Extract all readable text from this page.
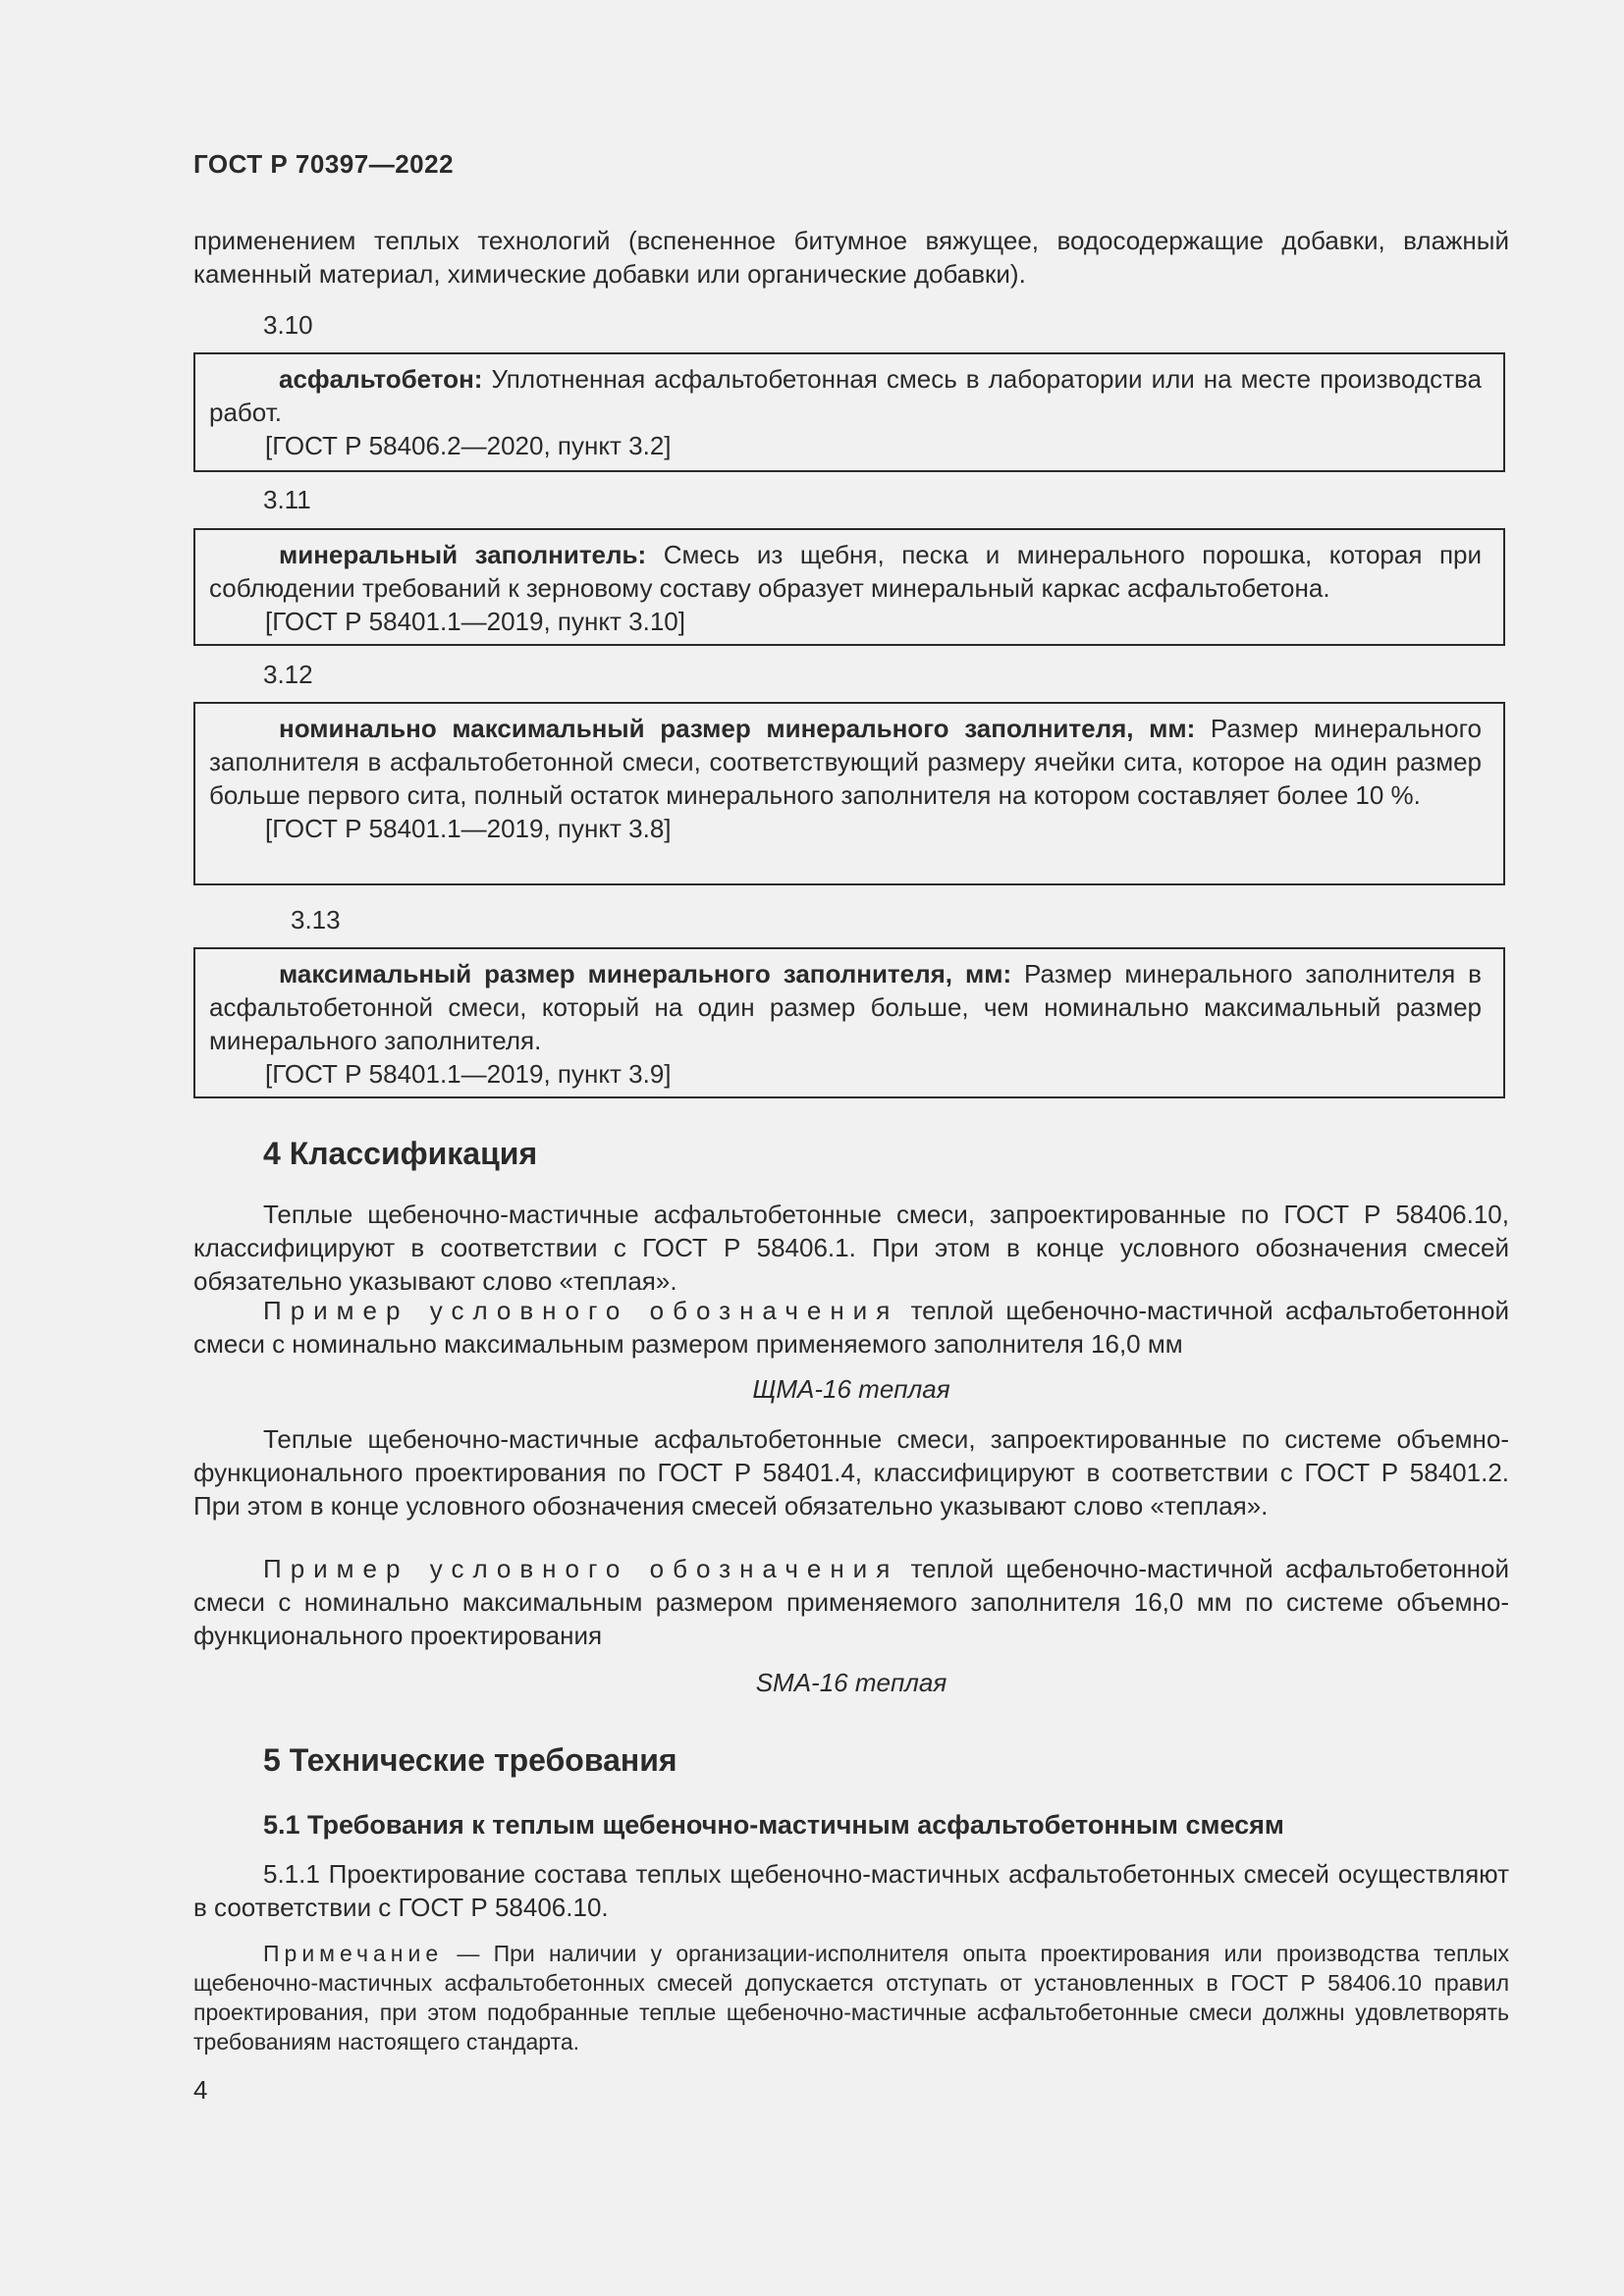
ГОСТ Р 70397—2022

применением теплых технологий (вспененное битумное вяжущее, водосодержащие добавки, влажный каменный материал, химические добавки или органические добавки).

3.10

асфальтобетон: Уплотненная асфальтобетонная смесь в лаборатории или на месте производства работ.

[ГОСТ Р 58406.2—2020, пункт 3.2]
3.11

минеральный заполнитель: Смесь из щебня, песка и минерального порошка, которая при соблюдении требований к зерновому составу образует минеральный каркас асфальтобетона.

[ГОСТ Р 58401.1—2019, пункт 3.10]
3.12

номинально максимальный размер минерального заполнителя, мм: Размер минерального заполнителя в асфальтобетонной смеси, соответствующий размеру ячейки сита, которое на один размер больше первого сита, полный остаток минерального заполнителя на котором составляет более 10 %.

[ГОСТ Р 58401.1—2019, пункт 3.8]
3.13

максимальный размер минерального заполнителя, мм: Размер минерального заполнителя в асфальтобетонной смеси, который на один размер больше, чем номинально максимальный размер минерального заполнителя.

[ГОСТ Р 58401.1—2019, пункт 3.9]
4 Классификация

Теплые щебеночно-мастичные асфальтобетонные смеси, запроектированные по ГОСТ Р 58406.10, классифицируют в соответствии с ГОСТ Р 58406.1. При этом в конце условного обозначения смесей обязательно указывают слово «теплая».

Пример условного обозначения теплой щебеночно-мастичной асфальтобетонной смеси с номинально максимальным размером применяемого заполнителя 16,0 мм

ЩМА-16 теплая

Теплые щебеночно-мастичные асфальтобетонные смеси, запроектированные по системе объемно-функционального проектирования по ГОСТ Р 58401.4, классифицируют в соответствии с ГОСТ Р 58401.2. При этом в конце условного обозначения смесей обязательно указывают слово «теплая».

Пример условного обозначения теплой щебеночно-мастичной асфальтобетонной смеси с номинально максимальным размером применяемого заполнителя 16,0 мм по системе объемно-функционального проектирования

SMA-16 теплая
5 Технические требования
5.1 Требования к теплым щебеночно-мастичным асфальтобетонным смесям

5.1.1 Проектирование состава теплых щебеночно-мастичных асфальтобетонных смесей осуществляют в соответствии с ГОСТ Р 58406.10.

Примечание — При наличии у организации-исполнителя опыта проектирования или производства теплых щебеночно-мастичных асфальтобетонных смесей допускается отступать от установленных в ГОСТ Р 58406.10 правил проектирования, при этом подобранные теплые щебеночно-мастичные асфальтобетонные смеси должны удовлетворять требованиям настоящего стандарта.

4
